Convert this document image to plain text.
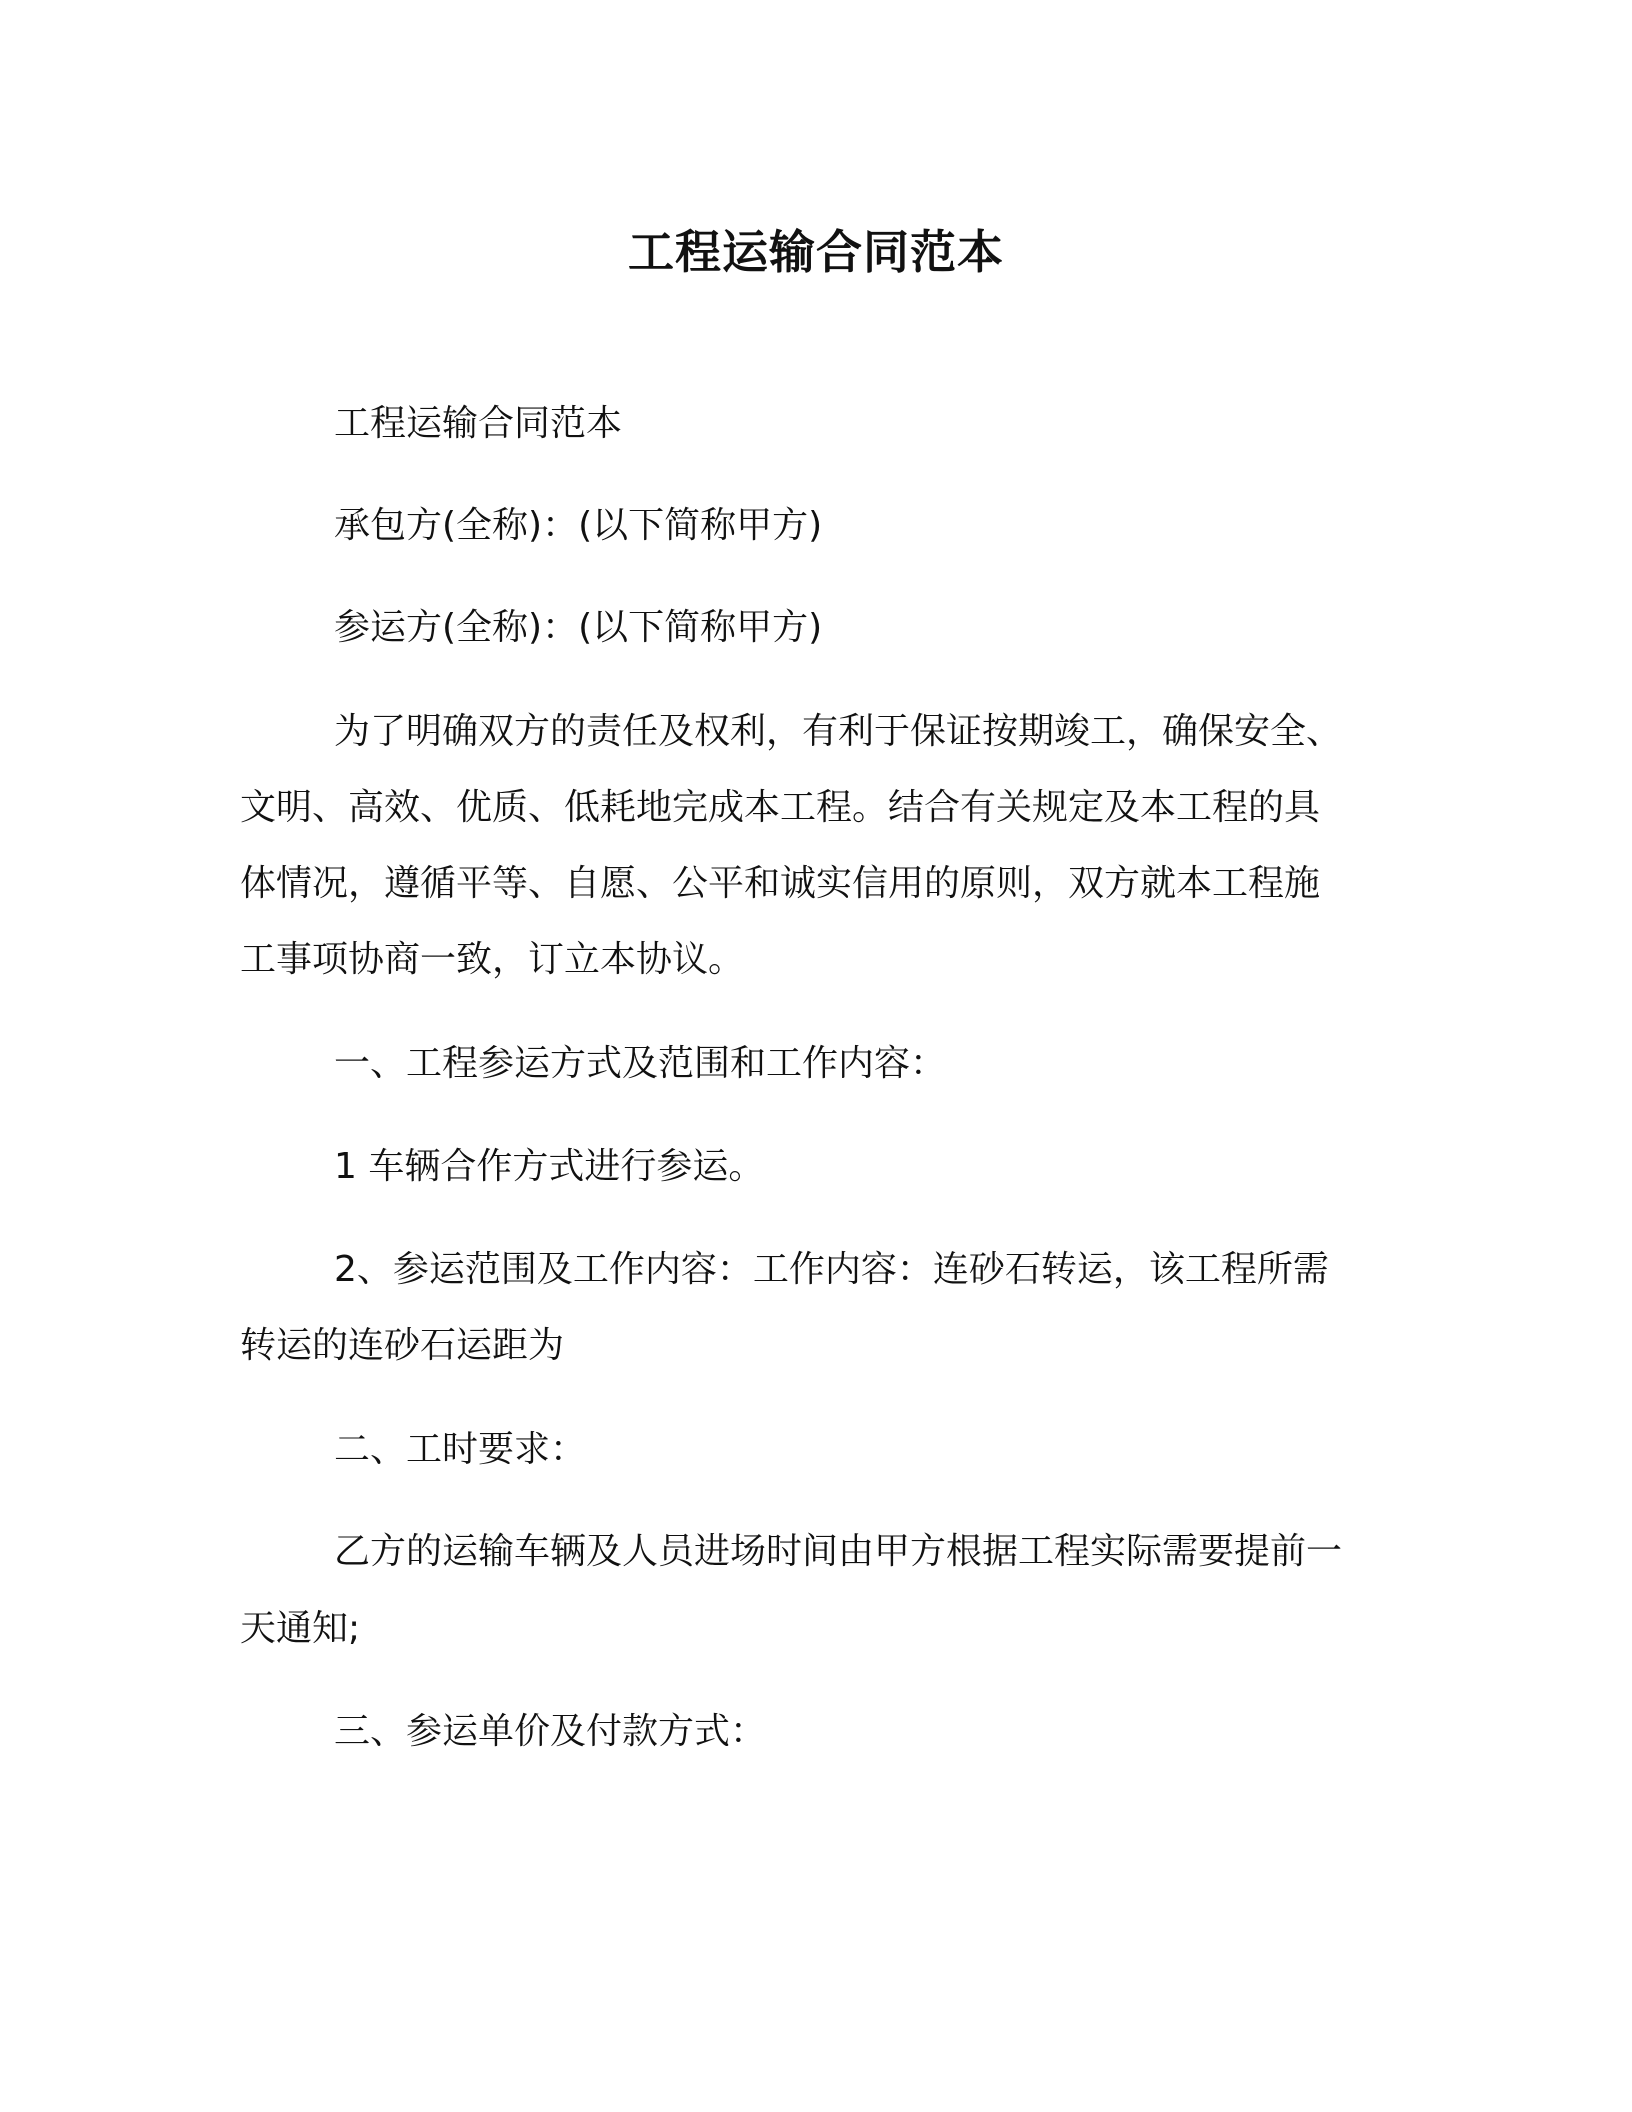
工程运输合同范本
工程运输合同范本
承包方(全称)：(以下简称甲方)
参运方(全称)：(以下简称甲方)
为了明确双方的责任及权利，有利于保证按期竣工，确保安全、
文明、高效、优质、低耗地完成本工程。结合有关规定及本工程的具
体情况，遵循平等、自愿、公平和诚实信用的原则，双方就本工程施
工事项协商一致，订立本协议。
一、工程参运方式及范围和工作内容：
1 车辆合作方式进行参运。
2、参运范围及工作内容：工作内容：连砂石转运，该工程所需
转运的连砂石运距为
二、工时要求：
乙方的运输车辆及人员进场时间由甲方根据工程实际需要提前一
天通知;
三、参运单价及付款方式：
